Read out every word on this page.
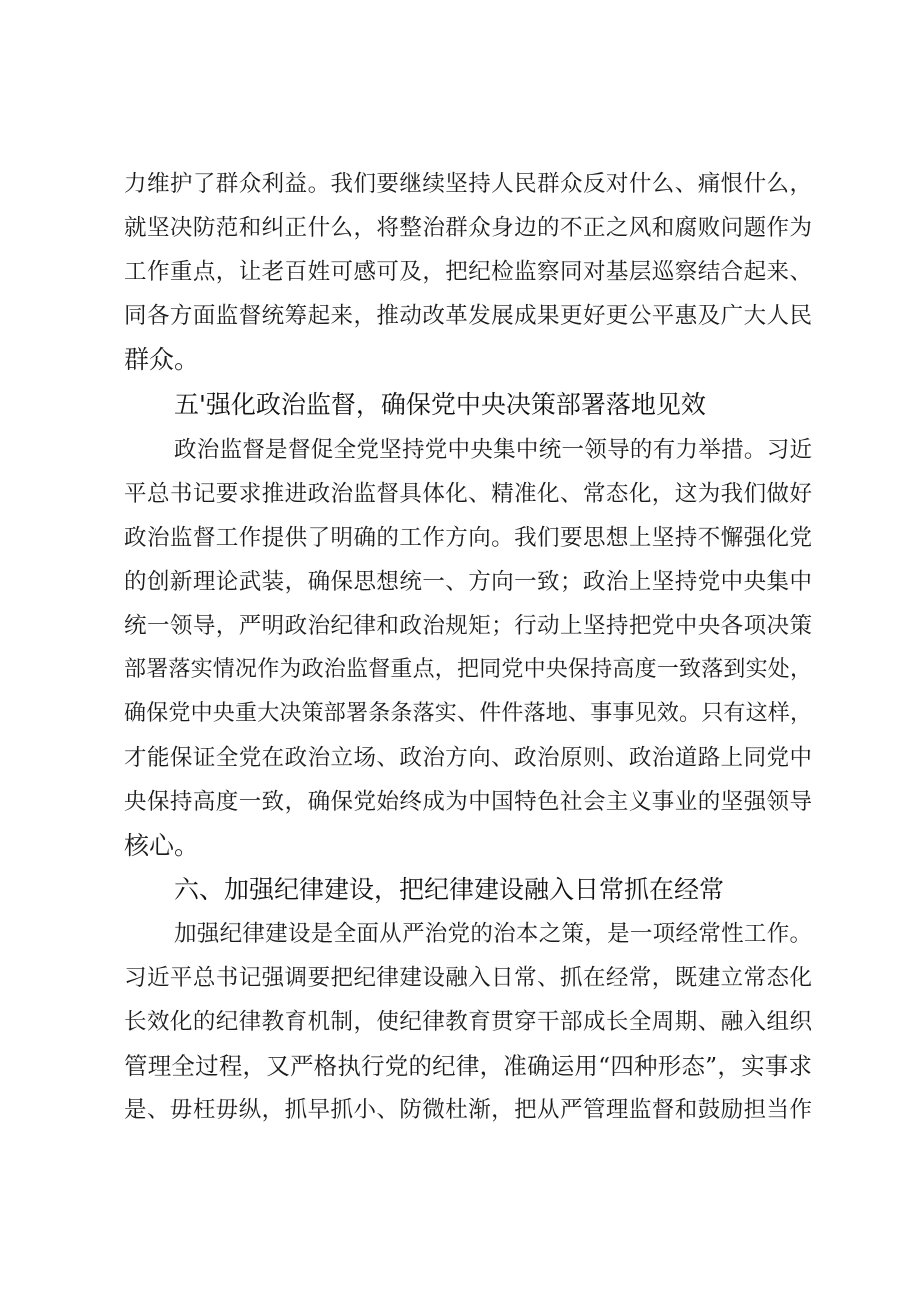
力维护了群众利益。我们要继续坚持人民群众反对什么、痛恨什么，
就坚决防范和纠正什么，将整治群众身边的不正之风和腐败问题作为
工作重点，让老百姓可感可及，把纪检监察同对基层巡察结合起来、
同各方面监督统筹起来，推动改革发展成果更好更公平惠及广大人民
群众。
五'强化政治监督，确保党中央决策部署落地见效
政治监督是督促全党坚持党中央集中统一领导的有力举措。习近
平总书记要求推进政治监督具体化、精准化、常态化，这为我们做好
政治监督工作提供了明确的工作方向。我们要思想上坚持不懈强化党
的创新理论武装，确保思想统一、方向一致；政治上坚持党中央集中
统一领导，严明政治纪律和政治规矩；行动上坚持把党中央各项决策
部署落实情况作为政治监督重点，把同党中央保持高度一致落到实处，
确保党中央重大决策部署条条落实、件件落地、事事见效。只有这样，
才能保证全党在政治立场、政治方向、政治原则、政治道路上同党中
央保持高度一致，确保党始终成为中国特色社会主义事业的坚强领导
核心。
六、加强纪律建设，把纪律建设融入日常抓在经常
加强纪律建设是全面从严治党的治本之策，是一项经常性工作。
习近平总书记强调要把纪律建设融入日常、抓在经常，既建立常态化
长效化的纪律教育机制，使纪律教育贯穿干部成长全周期、融入组织
管理全过程，又严格执行党的纪律，准确运用“四种形态”，实事求
是、毋枉毋纵，抓早抓小、防微杜渐，把从严管理监督和鼓励担当作
